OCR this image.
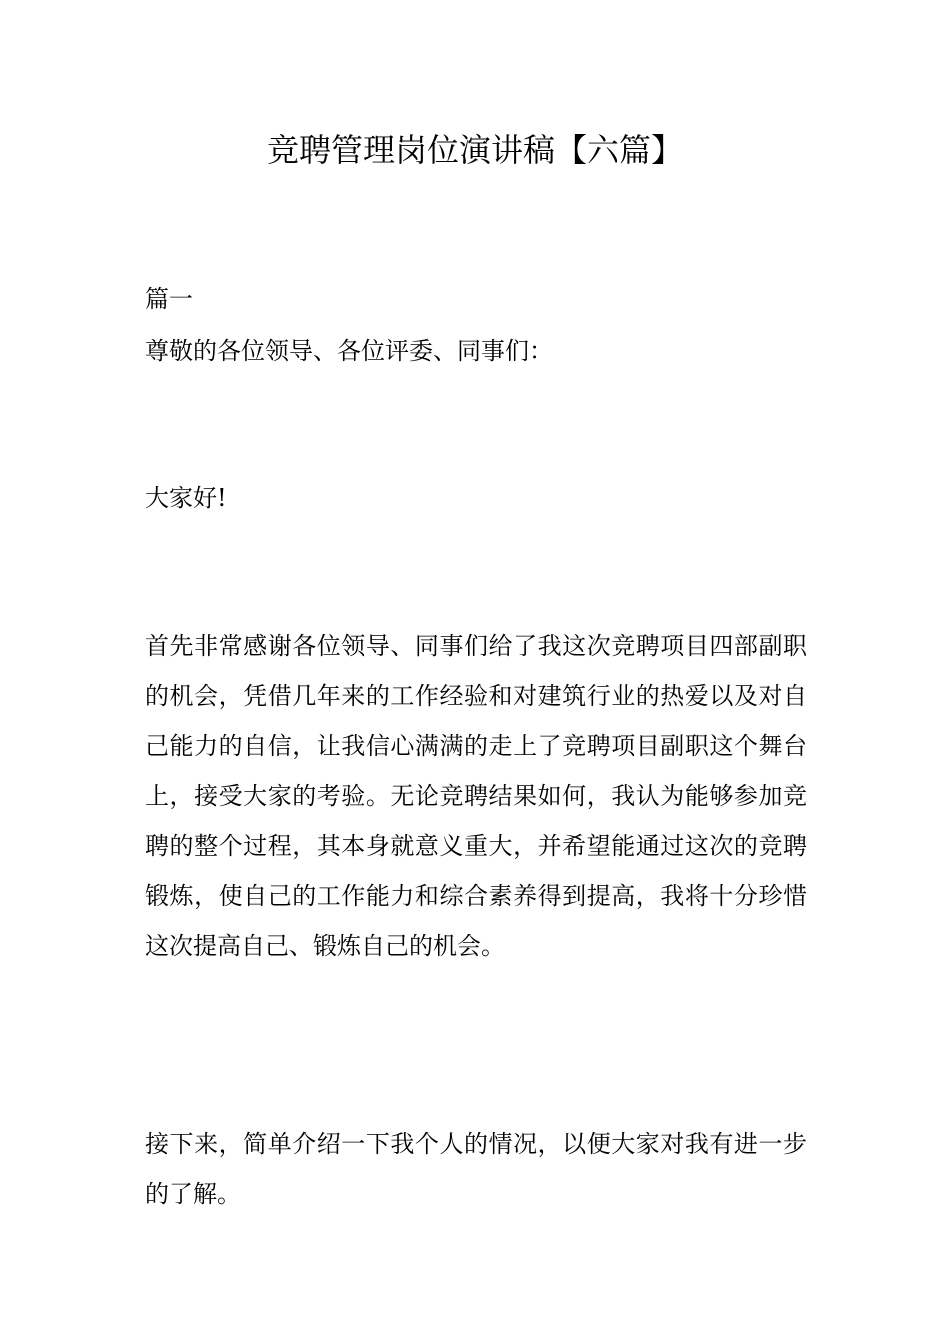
竞聘管理岗位演讲稿【六篇】
篇一
尊敬的各位领导、各位评委、同事们：
大家好!
首先非常感谢各位领导、同事们给了我这次竞聘项目四部副职的机会，凭借几年来的工作经验和对建筑行业的热爱以及对自己能力的自信，让我信心满满的走上了竞聘项目副职这个舞台上，接受大家的考验。无论竞聘结果如何，我认为能够参加竞聘的整个过程，其本身就意义重大，并希望能通过这次的竞聘锻炼，使自己的工作能力和综合素养得到提高，我将十分珍惜这次提高自己、锻炼自己的机会。
接下来，简单介绍一下我个人的情况，以便大家对我有进一步的了解。
